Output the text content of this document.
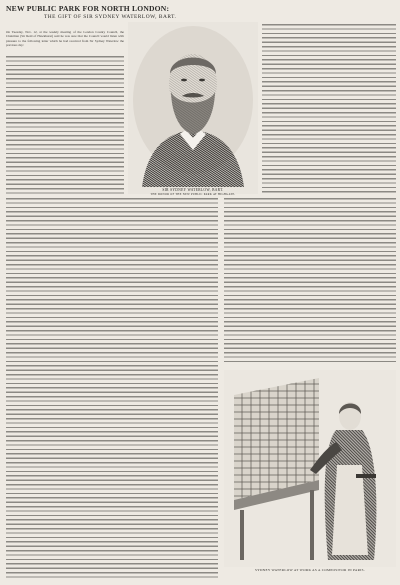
NEW PUBLIC PARK FOR NORTH LONDON:
THE GIFT OF SIR SYDNEY WATERLOW, BART.
On Tuesday, Nov. 12, at the weekly meeting of the London County Council, the Chairman (Sir Reid of Hawkhurst) said he was sure that the Council would listen with pleasure to the following letter which he had received from Sir Sydney Waterlow the previous day:
SIR SYDNEY WATERLOW, BART.
THE DONOR OF THE NEW PUBLIC PARK AT HIGHGATE.
SYDNEY WATERLOW AT WORK AS A COMPOSITOR IN PARIS.
